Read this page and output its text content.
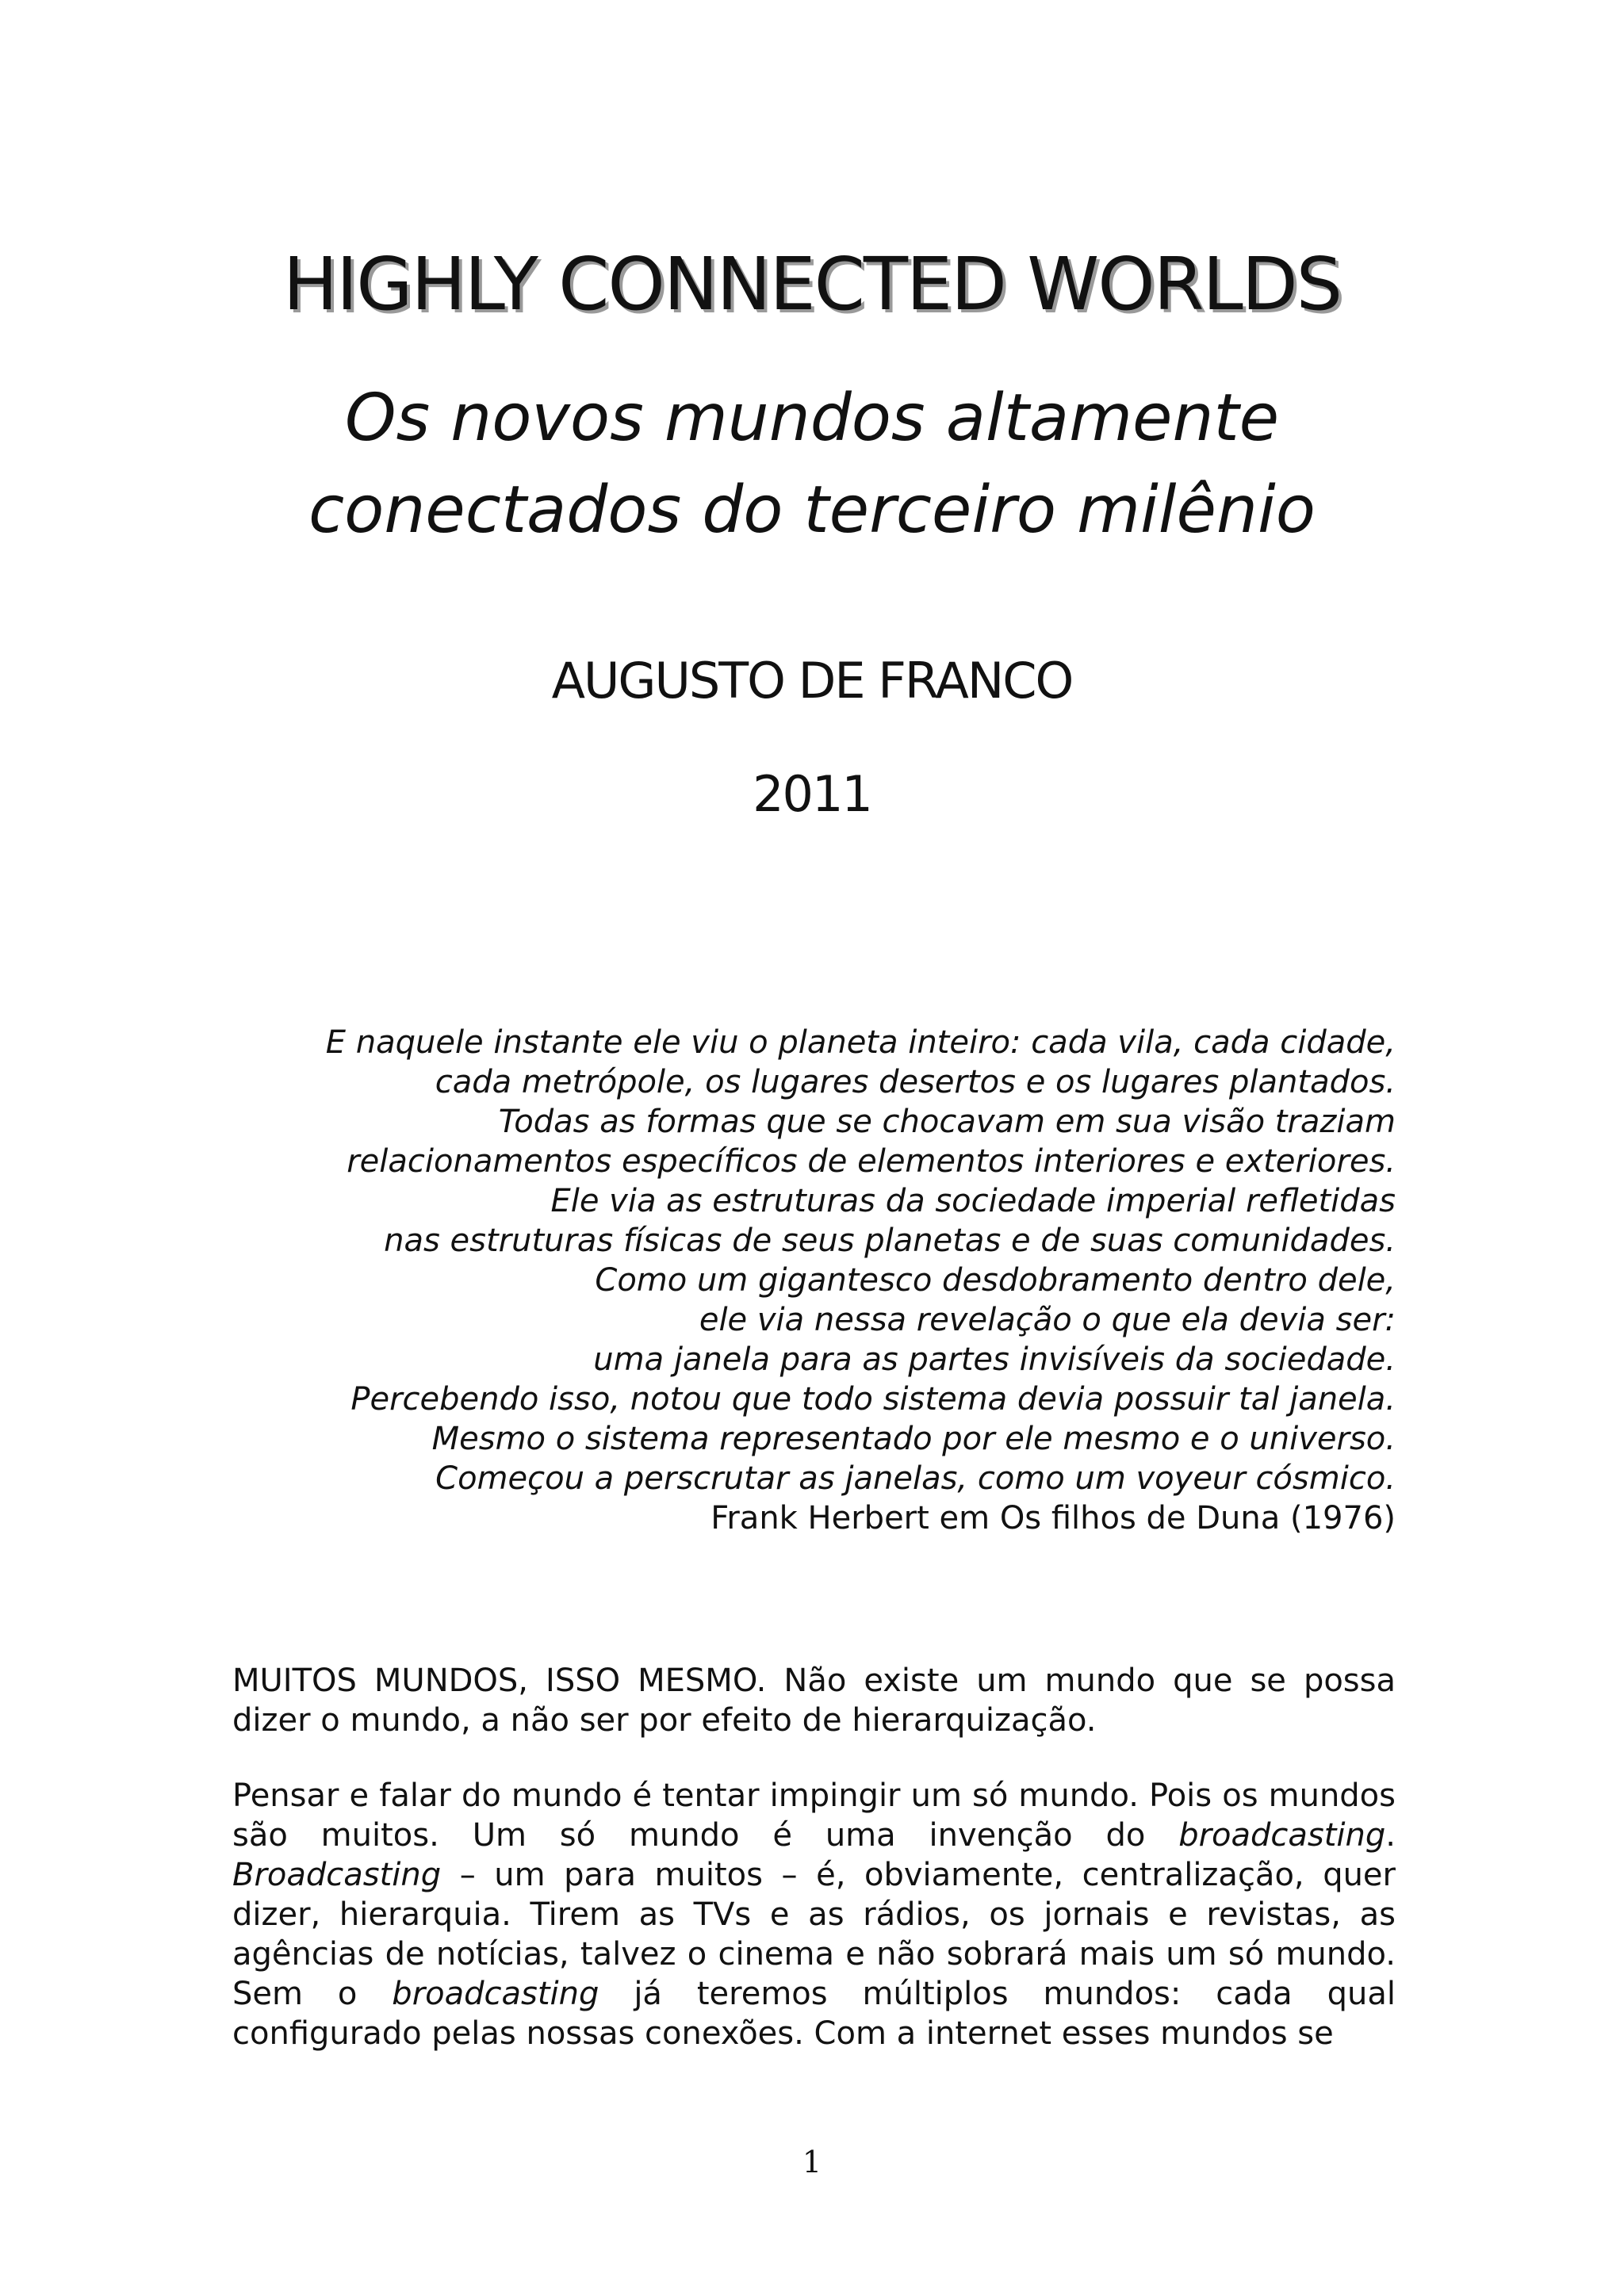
HIGHLY CONNECTED WORLDS
Os novos mundos altamente
conectados do terceiro milênio
AUGUSTO DE FRANCO
2011
E naquele instante ele viu o planeta inteiro: cada vila, cada cidade,
cada metrópole, os lugares desertos e os lugares plantados.
Todas as formas que se chocavam em sua visão traziam
relacionamentos específicos de elementos interiores e exteriores.
Ele via as estruturas da sociedade imperial refletidas
nas estruturas físicas de seus planetas e de suas comunidades.
Como um gigantesco desdobramento dentro dele,
ele via nessa revelação o que ela devia ser:
uma janela para as partes invisíveis da sociedade.
Percebendo isso, notou que todo sistema devia possuir tal janela.
Mesmo o sistema representado por ele mesmo e o universo.
Começou a perscrutar as janelas, como um voyeur cósmico.
Frank Herbert em Os filhos de Duna (1976)

MUITOS MUNDOS, ISSO MESMO. Não existe um mundo que se possa dizer o mundo, a não ser por efeito de hierarquização.

Pensar e falar do mundo é tentar impingir um só mundo. Pois os mundos são muitos. Um só mundo é uma invenção do broadcasting. Broadcasting – um para muitos – é, obviamente, centralização, quer dizer, hierarquia. Tirem as TVs e as rádios, os jornais e revistas, as agências de notícias, talvez o cinema e não sobrará mais um só mundo. Sem o broadcasting já teremos múltiplos mundos: cada qual configurado pelas nossas conexões. Com a internet esses mundos se

1
